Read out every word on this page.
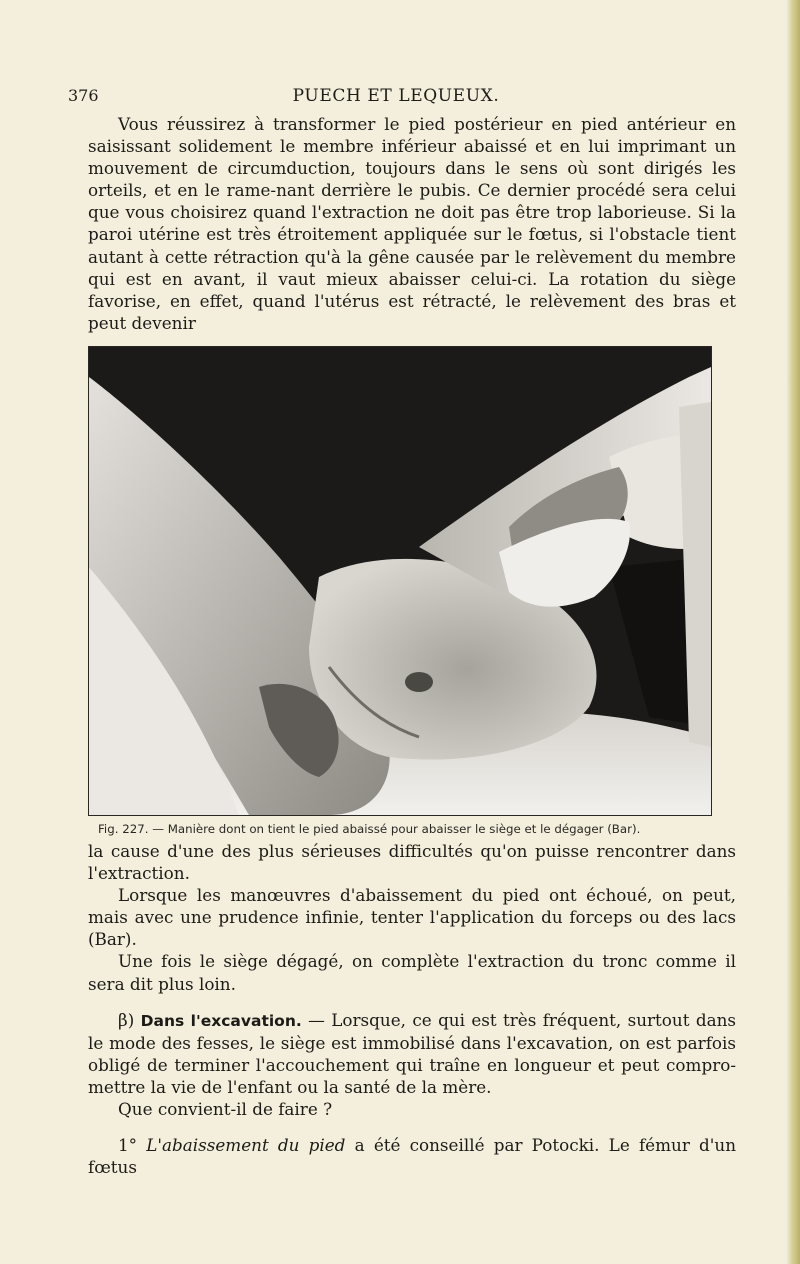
376	PUECH ET LEQUEUX.

Vous réussirez à transformer le pied postérieur en pied antérieur en saisissant solidement le membre inférieur abaissé et en lui imprimant un mouvement de circumduction, toujours dans le sens où sont dirigés les orteils, et en le rame-nant derrière le pubis. Ce dernier procédé sera celui que vous choisirez quand l'extraction ne doit pas être trop laborieuse. Si la paroi utérine est très étroitement appliquée sur le fœtus, si l'obstacle tient autant à cette rétraction qu'à la gêne causée par le relèvement du membre qui est en avant, il vaut mieux abaisser celui-ci. La rotation du siège favorise, en effet, quand l'utérus est rétracté, le relèvement des bras et peut devenir

Fig. 227. — Manière dont on tient le pied abaissé pour abaisser le siège et le dégager (Bar).

la cause d'une des plus sérieuses difficultés qu'on puisse rencontrer dans l'extraction.

Lorsque les manœuvres d'abaissement du pied ont échoué, on peut, mais avec une prudence infinie, tenter l'application du forceps ou des lacs (Bar).

Une fois le siège dégagé, on complète l'extraction du tronc comme il sera dit plus loin.

β) Dans l'excavation. — Lorsque, ce qui est très fréquent, surtout dans le mode des fesses, le siège est immobilisé dans l'excavation, on est parfois obligé de terminer l'accouchement qui traîne en longueur et peut compro-mettre la vie de l'enfant ou la santé de la mère.

Que convient-il de faire ?

1° L'abaissement du pied a été conseillé par Potocki. Le fémur d'un fœtus
